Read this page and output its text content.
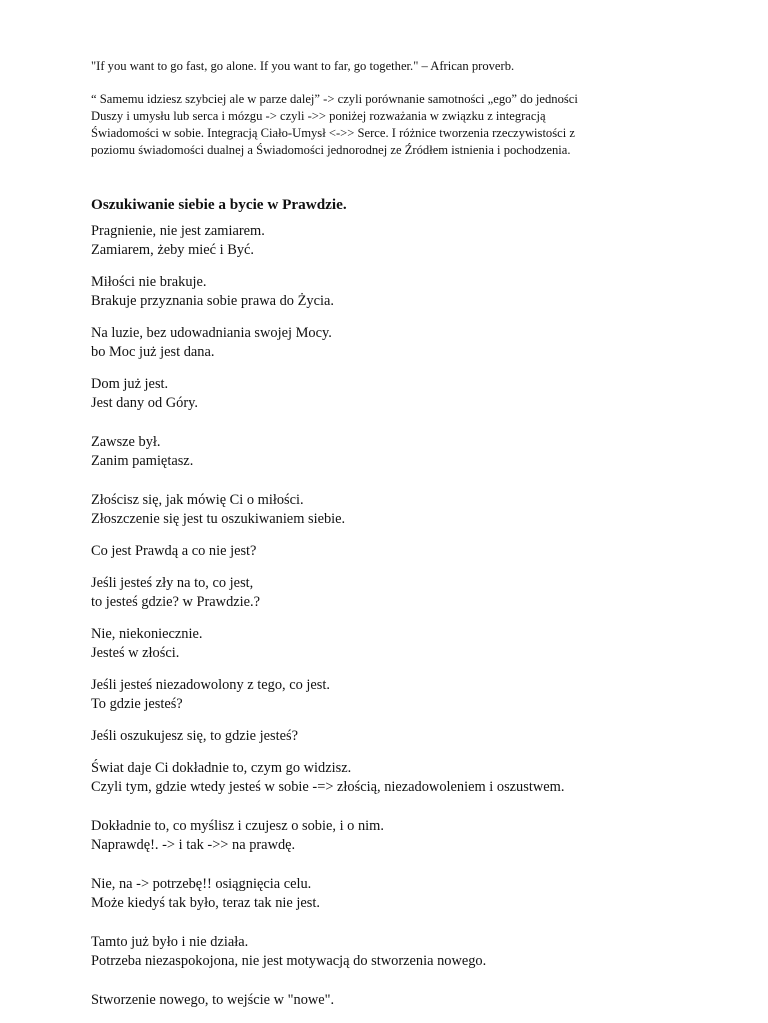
"If you want to go fast, go alone. If you want to far, go together." – African proverb.

“ Samemu idziesz szybciej ale w parze dalej” -> czyli porównanie samotności „ego” do jedności

Duszy i umysłu lub serca i mózgu -> czyli ->> poniżej rozważania w związku z integracją

Świadomości w sobie. Integracją Ciało-Umysł <->> Serce. I różnice tworzenia rzeczywistości z

poziomu świadomości dualnej a Świadomości jednorodnej ze Źródłem istnienia i pochodzenia.

Oszukiwanie siebie a bycie w Prawdzie.
Pragnienie, nie jest zamiarem.
Zamiarem, żeby mieć i Być.
Miłości nie brakuje.
Brakuje przyznania sobie prawa do Życia.
Na luzie, bez udowadniania swojej Mocy.
bo Moc już jest dana.
Dom już jest.
Jest dany od Góry.
Zawsze był.
Zanim pamiętasz.
Złościsz się, jak mówię Ci o miłości.
Złoszczenie się jest tu oszukiwaniem siebie.
Co jest Prawdą a co nie jest?
Jeśli jesteś zły na to, co jest,
to jesteś gdzie? w Prawdzie.?
Nie, niekoniecznie.
Jesteś w złości.
Jeśli jesteś niezadowolony z tego, co jest.
To gdzie jesteś?
Jeśli oszukujesz się, to gdzie jesteś?
Świat daje Ci dokładnie to, czym go widzisz.
Czyli tym, gdzie wtedy jesteś w sobie -=> złością, niezadowoleniem i oszustwem.
Dokładnie to, co myślisz i czujesz o sobie, i o nim.
Naprawdę!. -> i tak ->> na prawdę.
Nie, na -> potrzebę!! osiągnięcia celu.
Może kiedyś tak było, teraz tak nie jest.
Tamto już było i nie działa.
Potrzeba niezaspokojona, nie jest motywacją do stworzenia nowego.
Stworzenie nowego, to wejście w "nowe".
